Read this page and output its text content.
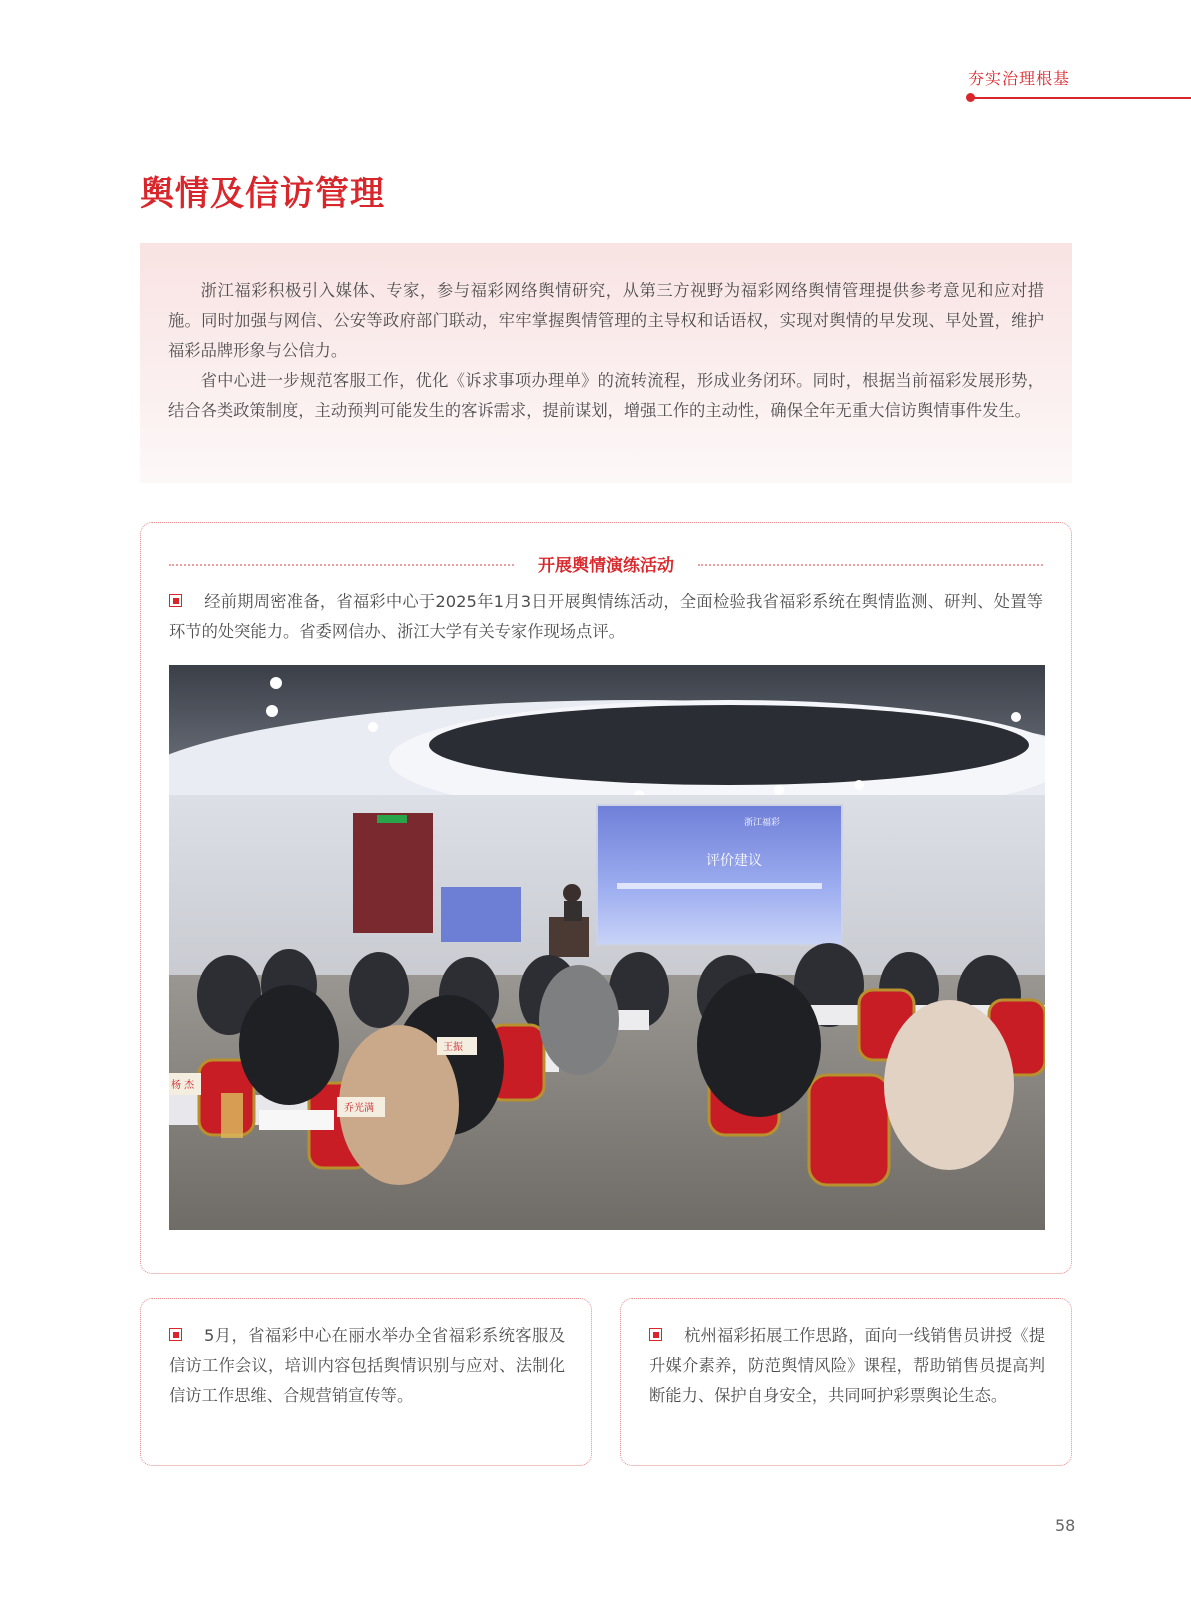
夯实治理根基
舆情及信访管理

浙江福彩积极引入媒体、专家，参与福彩网络舆情研究，从第三方视野为福彩网络舆情管理提供参考意见和应对措施。同时加强与网信、公安等政府部门联动，牢牢掌握舆情管理的主导权和话语权，实现对舆情的早发现、早处置，维护福彩品牌形象与公信力。

省中心进一步规范客服工作，优化《诉求事项办理单》的流转流程，形成业务闭环。同时，根据当前福彩发展形势，结合各类政策制度，主动预判可能发生的客诉需求，提前谋划，增强工作的主动性，确保全年无重大信访舆情事件发生。

开展舆情演练活动

经前期周密准备，省福彩中心于2025年1月3日开展舆情练活动，全面检验我省福彩系统在舆情监测、研判、处置等环节的处突能力。省委网信办、浙江大学有关专家作现场点评。

评价建议
浙江福彩
乔光满
王振
杨 杰

5月，省福彩中心在丽水举办全省福彩系统客服及信访工作会议，培训内容包括舆情识别与应对、法制化信访工作思维、合规营销宣传等。

杭州福彩拓展工作思路，面向一线销售员讲授《提升媒介素养，防范舆情风险》课程，帮助销售员提高判断能力、保护自身安全，共同呵护彩票舆论生态。

58
